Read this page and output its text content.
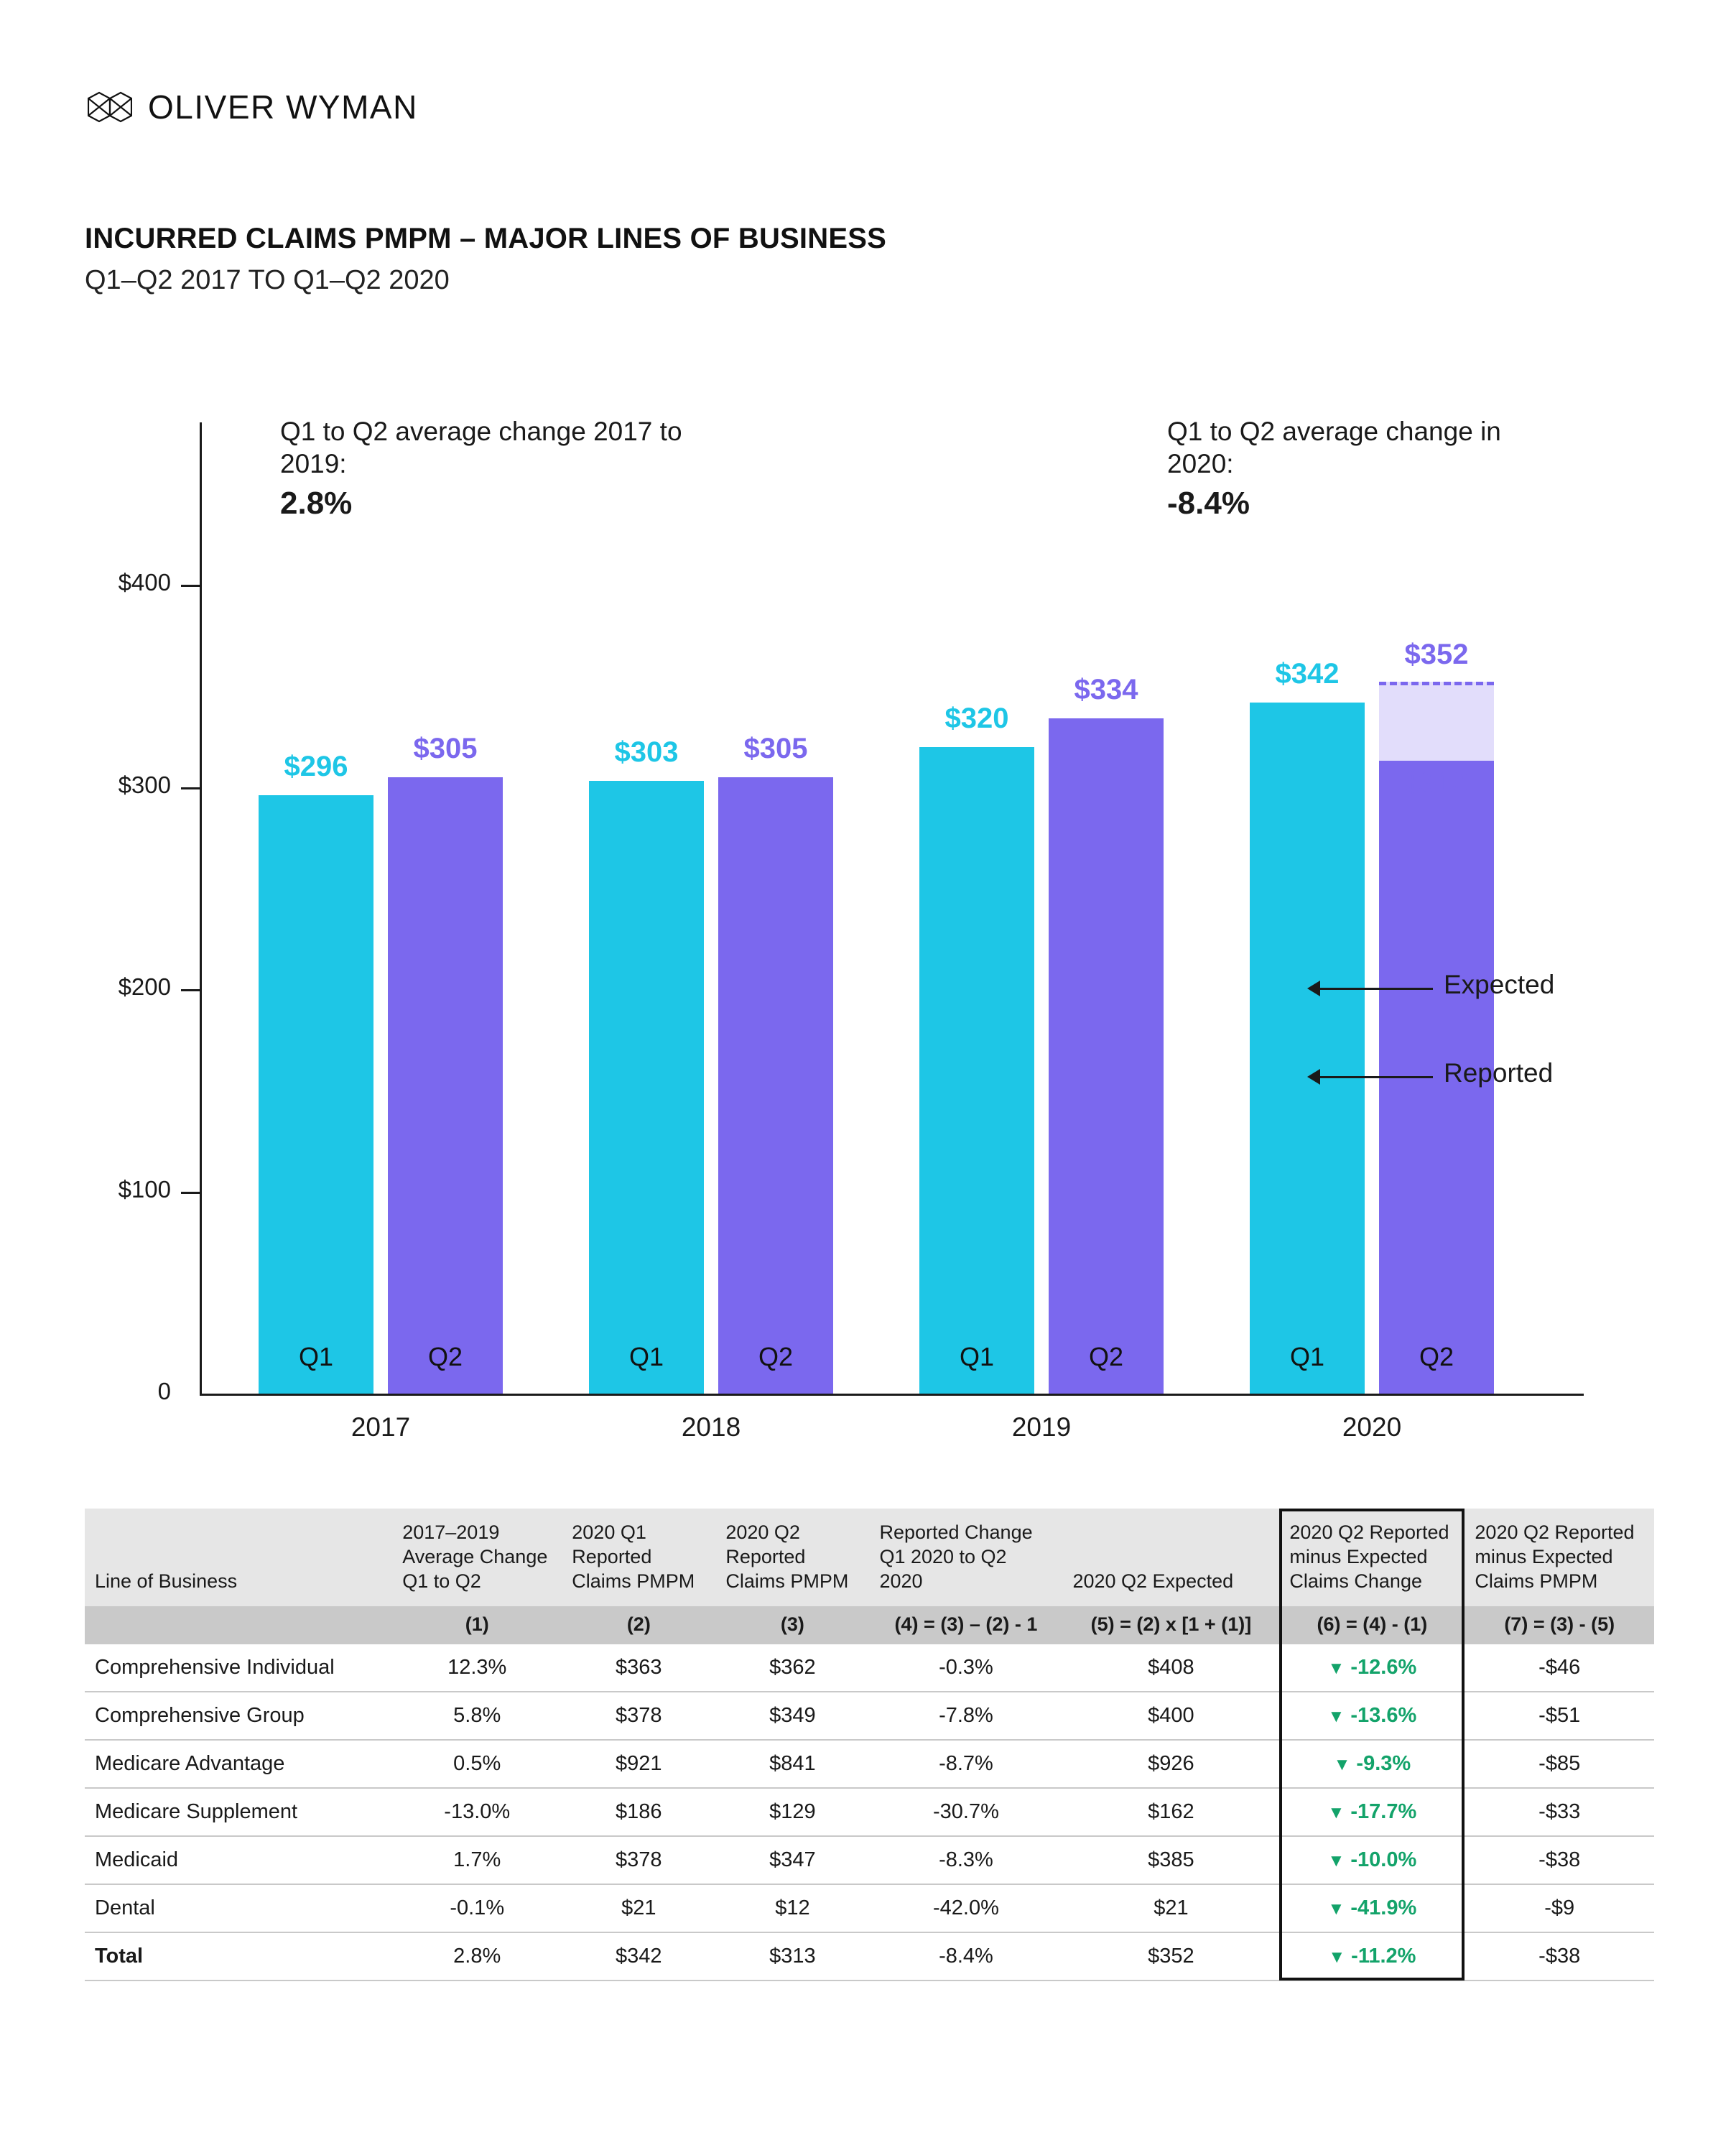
OLIVER WYMAN
INCURRED CLAIMS PMPM – MAJOR LINES OF BUSINESS
Q1–Q2 2017 TO Q1–Q2 2020
Q1 to Q2 average change 2017 to 2019:
2.8%
Q1 to Q2 average change in 2020:
-8.4%
0
$100
$200
$300
$400
Q1
$296
Q2
$305
2017
Q1
$303
Q2
$305
2018
Q1
$320
Q2
$334
2019
Q1
$342
$352
Q2
$313
2020
Expected
Reported
Line of Business	2017–2019 Average Change Q1 to Q2	2020 Q1 Reported Claims PMPM	2020 Q2 Reported Claims PMPM	Reported Change Q1 2020 to Q2 2020	2020 Q2 Expected	2020 Q2 Reported minus Expected Claims Change	2020 Q2 Reported minus Expected Claims PMPM
	(1)	(2)	(3)	(4) = (3) – (2) - 1	(5) = (2) x [1 + (1)]	(6) = (4) - (1)	(7) = (3) - (5)
Comprehensive Individual	12.3%	$363	$362	-0.3%	$408	▼ -12.6%	-$46
Comprehensive Group	5.8%	$378	$349	-7.8%	$400	▼ -13.6%	-$51
Medicare Advantage	0.5%	$921	$841	-8.7%	$926	▼ -9.3%	-$85
Medicare Supplement	-13.0%	$186	$129	-30.7%	$162	▼ -17.7%	-$33
Medicaid	1.7%	$378	$347	-8.3%	$385	▼ -10.0%	-$38
Dental	-0.1%	$21	$12	-42.0%	$21	▼ -41.9%	-$9
Total	2.8%	$342	$313	-8.4%	$352	▼ -11.2%	-$38
